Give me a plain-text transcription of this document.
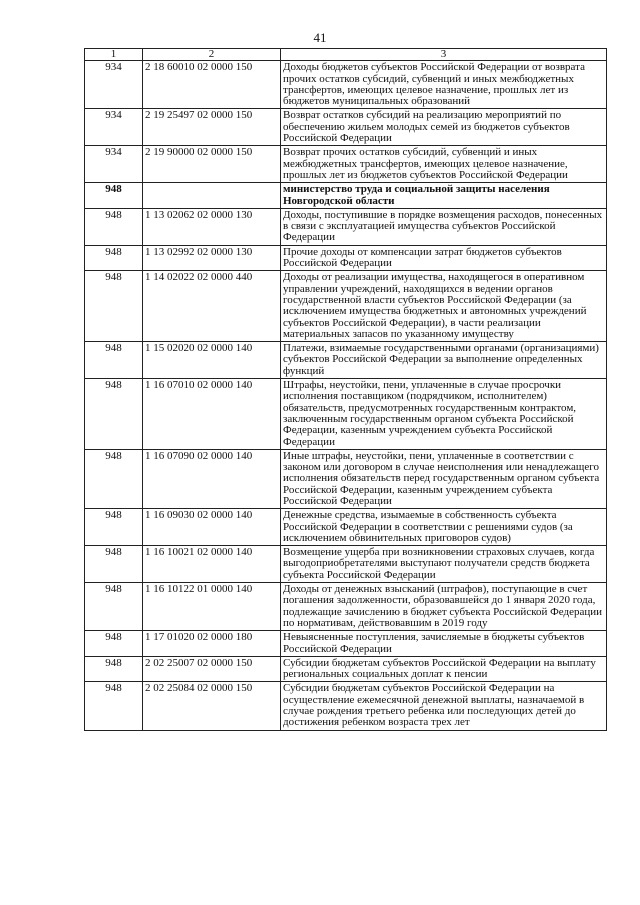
41
1	2	3
934	2 18 60010 02 0000 150	Доходы бюджетов субъектов Российской Федерации от возврата прочих остатков субсидий, субвенций и иных межбюджетных трансфертов, имеющих целевое назначение, прошлых лет из бюджетов муниципальных образований
934	2 19 25497 02 0000 150	Возврат остатков субсидий на реализацию мероприятий по обеспечению жильем молодых семей из бюджетов субъектов Российской Федерации
934	2 19 90000 02 0000 150	Возврат прочих остатков субсидий, субвенций и иных межбюджетных трансфертов, имеющих целевое назначение, прошлых лет из бюджетов субъектов Российской Федерации
948		министерство труда и социальной защиты населения Новгородской области
948	1 13 02062 02 0000 130	Доходы, поступившие в порядке возмещения расходов, понесенных в связи с эксплуатацией имущества субъектов Российской Федерации
948	1 13 02992 02 0000 130	Прочие доходы от компенсации затрат бюджетов субъектов Российской Федерации
948	1 14 02022 02 0000 440	Доходы от реализации имущества, находящегося в оперативном управлении учреждений, находящихся в ведении органов государственной власти субъектов Российской Федерации (за исключением имущества бюджетных и автономных учреждений субъектов Российской Федерации), в части реализации материальных запасов по указанному имуществу
948	1 15 02020 02 0000 140	Платежи, взимаемые государственными органами (организациями) субъектов Российской Федерации за выполнение определенных функций
948	1 16 07010 02 0000 140	Штрафы, неустойки, пени, уплаченные в случае просрочки исполнения поставщиком (подрядчиком, исполнителем) обязательств, предусмотренных государственным контрактом, заключенным государственным органом субъекта Российской Федерации, казенным учреждением субъекта Российской Федерации
948	1 16 07090 02 0000 140	Иные штрафы, неустойки, пени, уплаченные в соответствии с законом или договором в случае неисполнения или ненадлежащего исполнения обязательств перед государственным органом субъекта Российской Федерации, казенным учреждением субъекта Российской Федерации
948	1 16 09030 02 0000 140	Денежные средства, изымаемые в собственность субъекта Российской Федерации в соответствии с решениями судов (за исключением обвинительных приговоров судов)
948	1 16 10021 02 0000 140	Возмещение ущерба при возникновении страховых случаев, когда выгодоприобретателями выступают получатели средств бюджета субъекта Российской Федерации
948	1 16 10122 01 0000 140	Доходы от денежных взысканий (штрафов), поступающие в счет погашения задолженности, образовавшейся до 1 января 2020 года, подлежащие зачислению в бюджет субъекта Российской Федерации по нормативам, действовавшим в 2019 году
948	1 17 01020 02 0000 180	Невыясненные поступления, зачисляемые в бюджеты субъектов Российской Федерации
948	2 02 25007 02 0000 150	Субсидии бюджетам субъектов Российской Федерации на выплату региональных социальных доплат к пенсии
948	2 02 25084 02 0000 150	Субсидии бюджетам субъектов Российской Федерации на осуществление ежемесячной денежной выплаты, назначаемой в случае рождения третьего ребенка или последующих детей до достижения ребенком возраста трех лет
